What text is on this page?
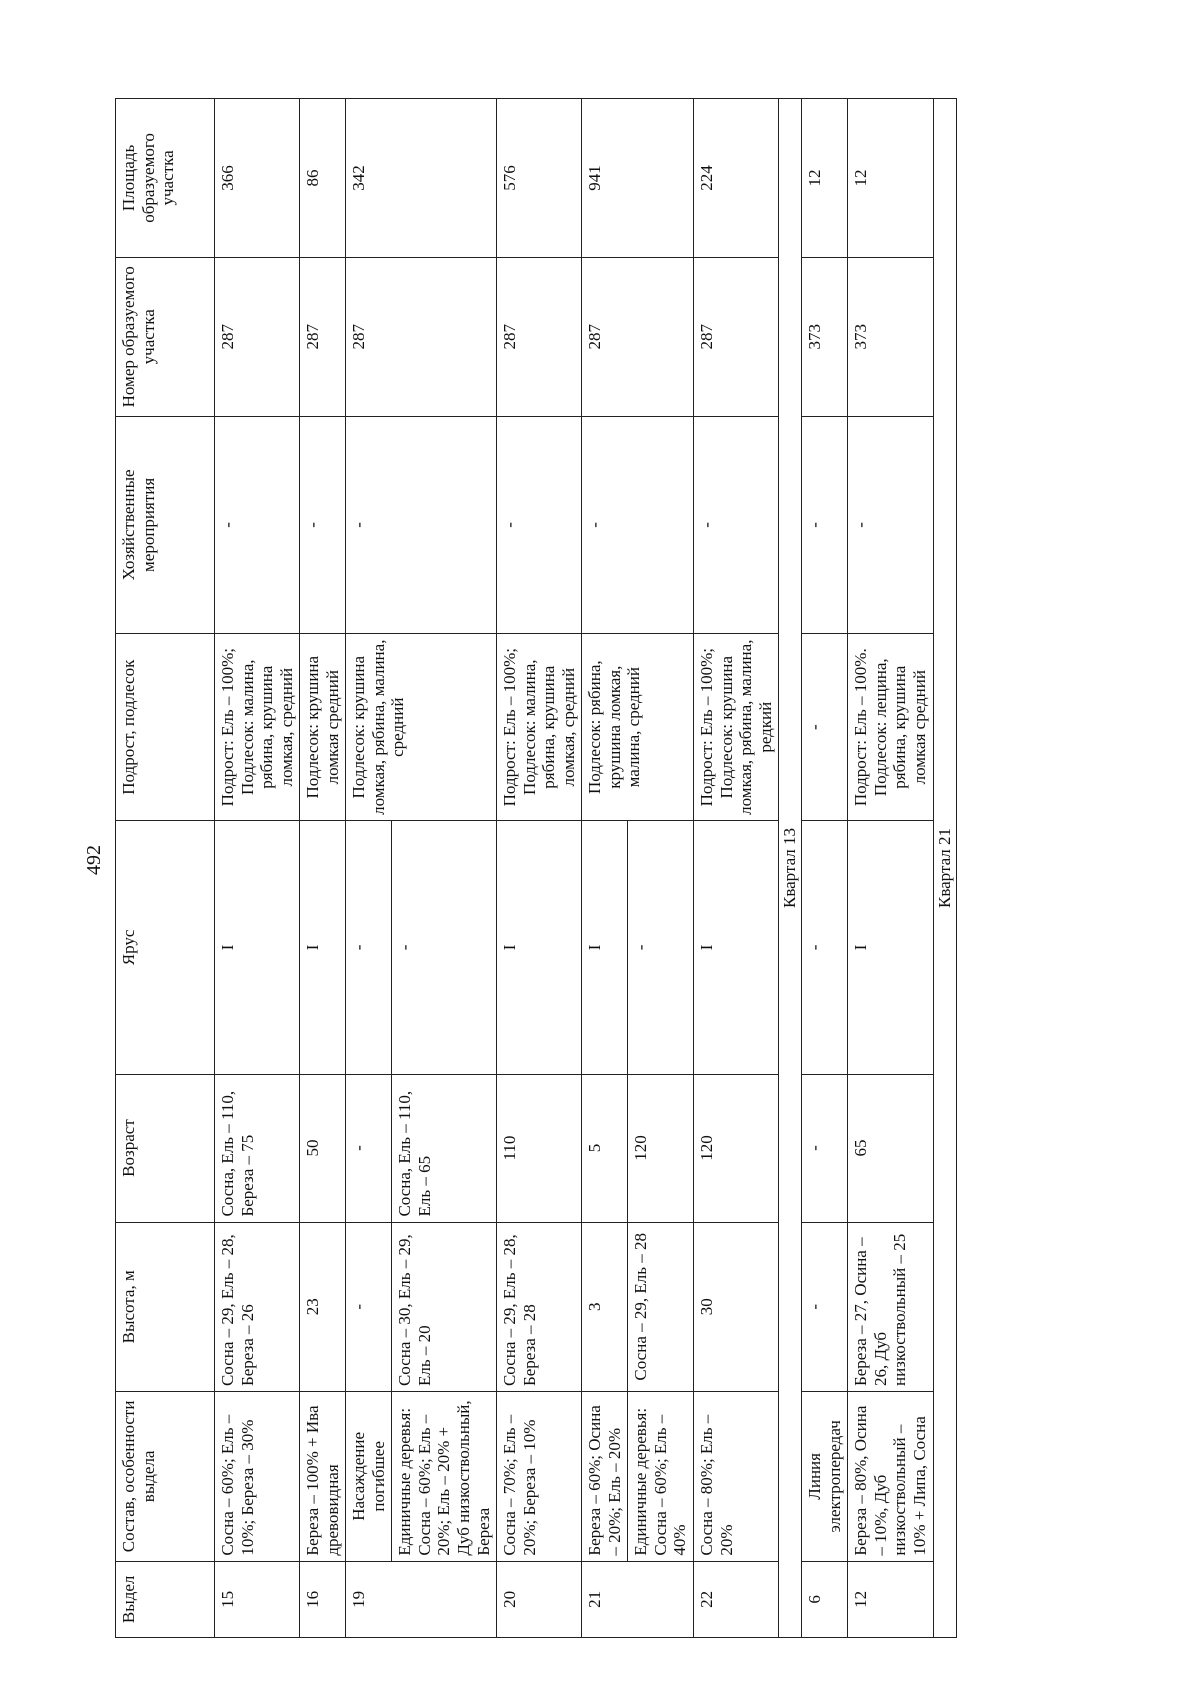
492
Выдел	Состав, особенности выдела	Высота, м	Возраст	Ярус	Подрост, подлесок	Хозяйственные мероприятия	Номер образуемого участка	Площадь образуемого участка
15	Сосна – 60%; Ель – 10%; Береза – 30%	Сосна – 29, Ель – 28, Береза – 26	Сосна, Ель – 110, Береза – 75	I	Подрост: Ель – 100%; Подлесок: малина, рябина, крушина ломкая, средний	-	287	366
16	Береза – 100% + Ива древовидная	23	50	I	Подлесок: крушина ломкая средний	-	287	86
19	Насаждение погибшее	-	-	-	Подлесок: крушина ломкая, рябина, малина, средний	-	287	342
	Единичные деревья: Сосна – 60%; Ель – 20%; Ель – 20% + Дуб низкоствольный, Береза	Сосна – 30, Ель – 29, Ель – 20	Сосна, Ель – 110, Ель – 65	-				
20	Сосна – 70%; Ель – 20%; Береза – 10%	Сосна – 29, Ель – 28, Береза – 28	110	I	Подрост: Ель – 100%; Подлесок: малина, рябина, крушина ломкая, средний	-	287	576
21	Береза – 60%; Осина – 20%; Ель – 20%	3	5	I	Подлесок: рябина, крушина ломкая, малина, средний	-	287	941
	Единичные деревья: Сосна – 60%; Ель – 40%	Сосна – 29, Ель – 28	120	-				
22	Сосна – 80%; Ель – 20%	30	120	I	Подрост: Ель – 100%; Подлесок: крушина ломкая, рябина, малина, редкий	-	287	224
Квартал 13								
6	Линия электропередач	-	-	-	-	-	373	12
12	Береза – 80%, Осина – 10%, Дуб низкоствольный – 10% + Липа, Сосна	Береза – 27, Осина – 26, Дуб низкоствольный – 25	65	I	Подрост: Ель – 100%. Подлесок: лещина, рябина, крушина ломкая средний	-	373	12
Квартал 21								
